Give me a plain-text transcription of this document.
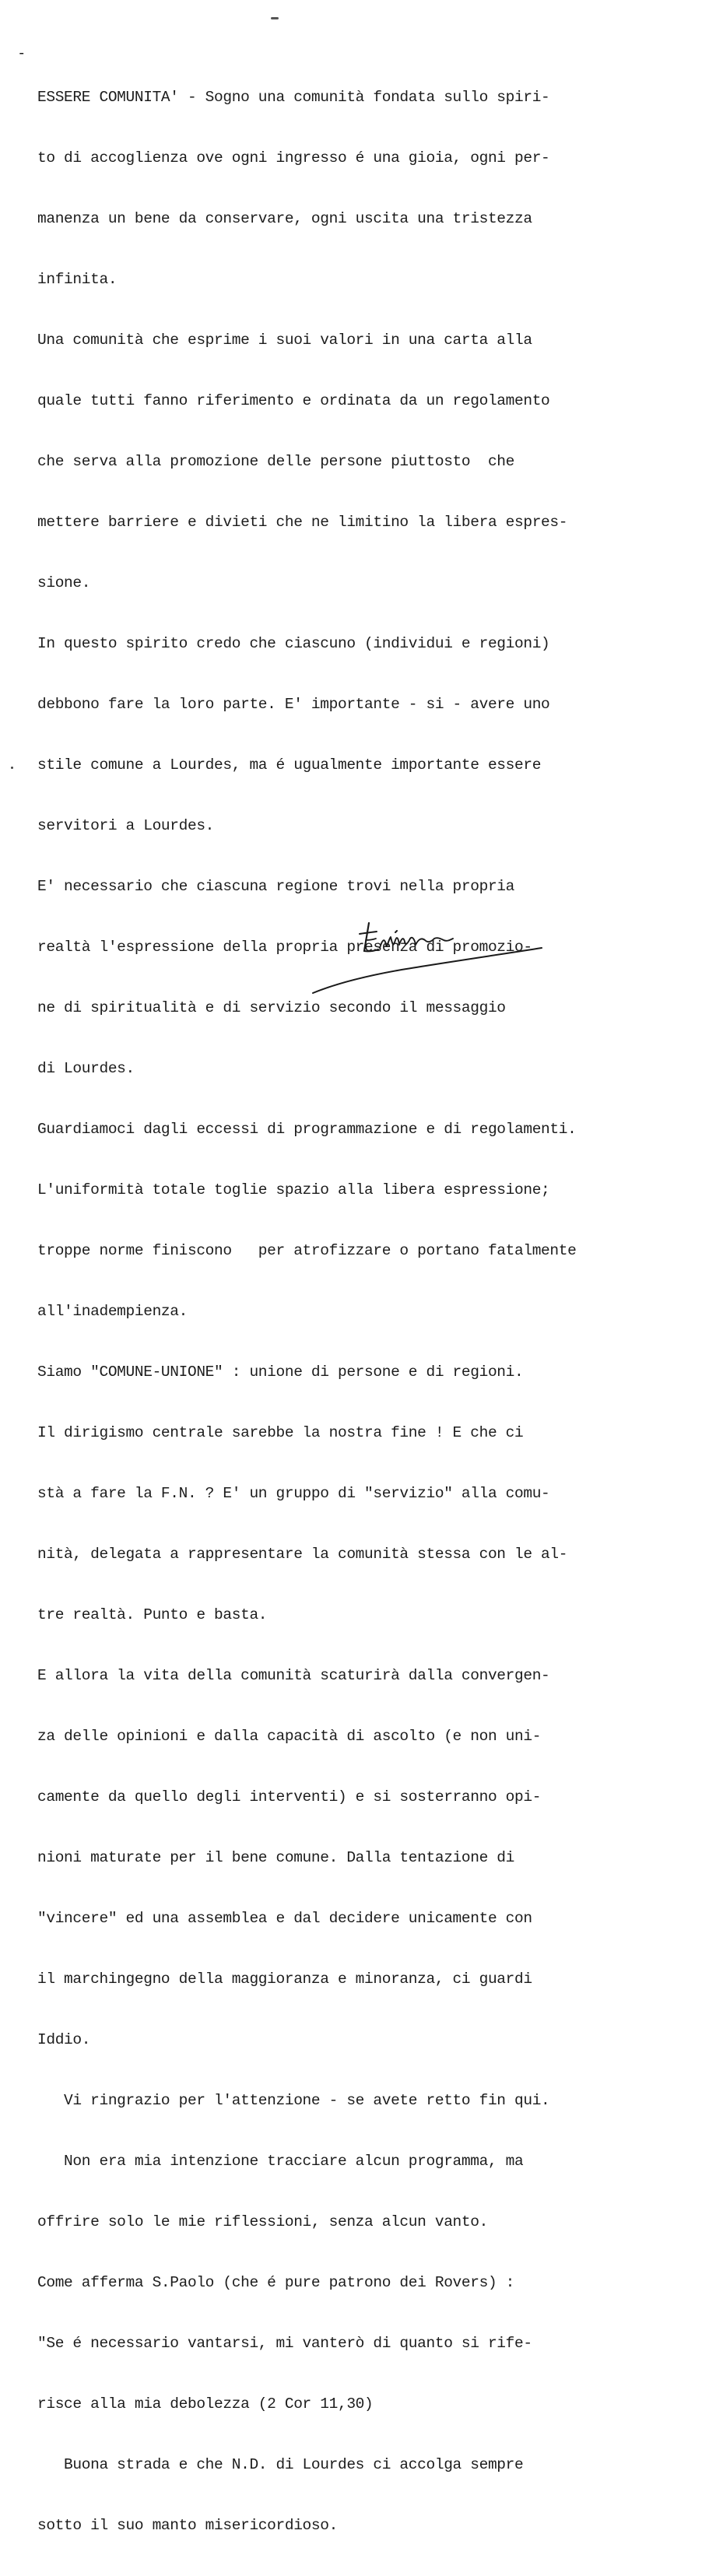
-

ESSERE COMUNITA' - Sogno una comunità fondata sullo spiri-

to di accoglienza ove ogni ingresso é una gioia, ogni per-

manenza un bene da conservare, ogni uscita una tristezza

infinita.

Una comunità che esprime i suoi valori in una carta alla

quale tutti fanno riferimento e ordinata da un regolamento

che serva alla promozione delle persone piuttosto  che

mettere barriere e divieti che ne limitino la libera espres-

sione.

In questo spirito credo che ciascuno (individui e regioni)

debbono fare la loro parte. E' importante - si - avere uno

stile comune a Lourdes, ma é ugualmente importante essere

servitori a Lourdes.

E' necessario che ciascuna regione trovi nella propria

realtà l'espressione della propria presenza di promozio-

ne di spiritualità e di servizio secondo il messaggio

di Lourdes.

Guardiamoci dagli eccessi di programmazione e di regolamenti.

L'uniformità totale toglie spazio alla libera espressione;

troppe norme finiscono   per atrofizzare o portano fatalmente

all'inadempienza.

Siamo "COMUNE-UNIONE" : unione di persone e di regioni.

Il dirigismo centrale sarebbe la nostra fine ! E che ci

stà a fare la F.N. ? E' un gruppo di "servizio" alla comu-

nità, delegata a rappresentare la comunità stessa con le al-

tre realtà. Punto e basta.

E allora la vita della comunità scaturirà dalla convergen-

za delle opinioni e dalla capacità di ascolto (e non uni-

camente da quello degli interventi) e si sosterranno opi-

nioni maturate per il bene comune. Dalla tentazione di

"vincere" ed una assemblea e dal decidere unicamente con

il marchingegno della maggioranza e minoranza, ci guardi

Iddio.

Vi ringrazio per l'attenzione - se avete retto fin qui.

Non era mia intenzione tracciare alcun programma, ma

offrire solo le mie riflessioni, senza alcun vanto.

Come afferma S.Paolo (che é pure patrono dei Rovers) :

"Se é necessario vantarsi, mi vanterò di quanto si rife-

risce alla mia debolezza (2 Cor 11,30)

Buona strada e che N.D. di Lourdes ci accolga sempre

sotto il suo manto misericordioso.
